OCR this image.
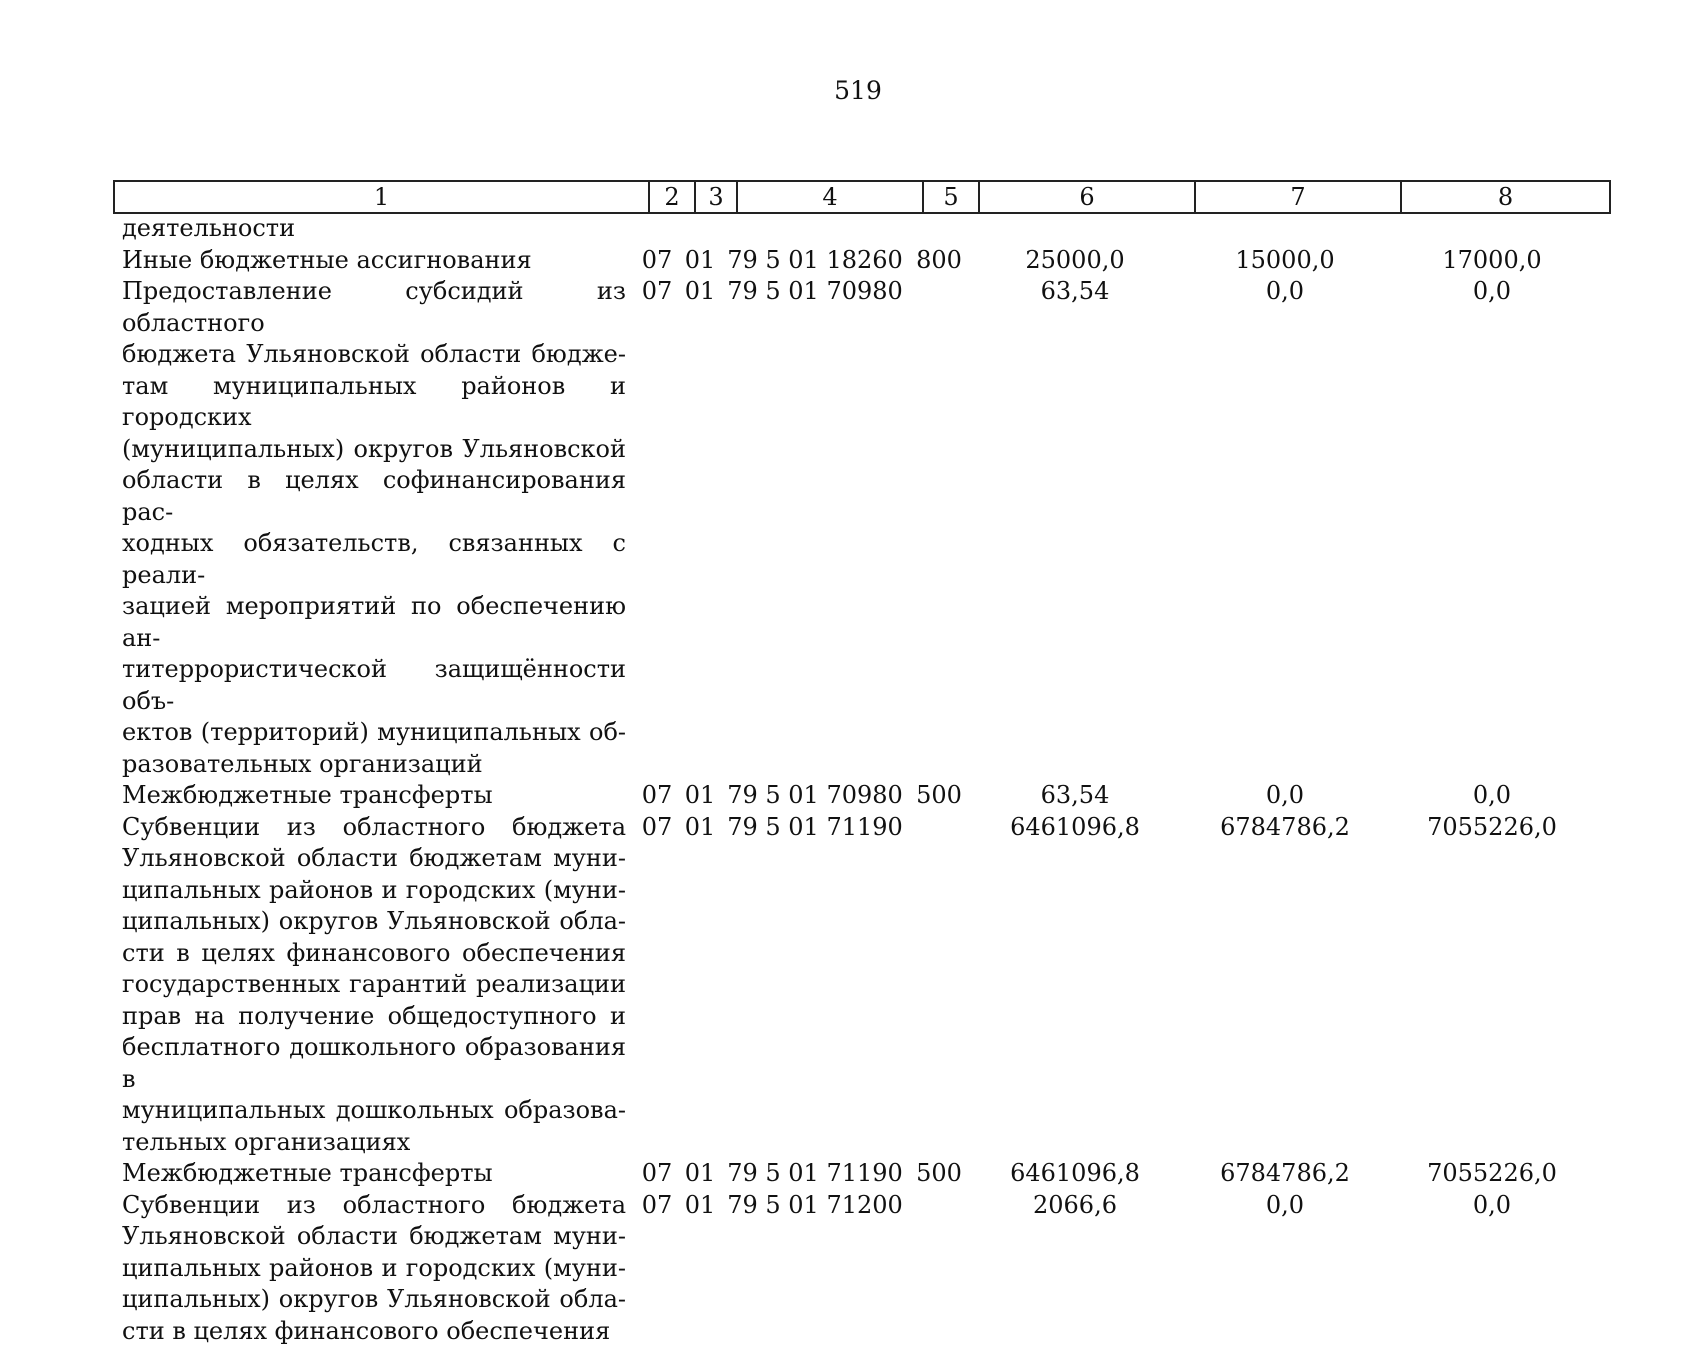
519
1	2	3	4	5	6	7	8
деятельности
Иные бюджетные ассигнования	07 01 79 5 01 18260 800	25000,0	15000,0	17000,0
Предоставление субсидий из областного
бюджета Ульяновской области бюдже-
там муниципальных районов и городских
(муниципальных) округов Ульяновской
области в целях софинансирования рас-
ходных обязательств, связанных с реали-
зацией мероприятий по обеспечению ан-
титеррористической защищённости объ-
ектов (территорий) муниципальных об-
разовательных организаций
07 01 79 5 01 70980	63,54	0,0	0,0
Межбюджетные трансферты	07 01 79 5 01 70980 500	63,54	0,0	0,0
Субвенции из областного бюджета
Ульяновской области бюджетам муни-
ципальных районов и городских (муни-
ципальных) округов Ульяновской обла-
сти в целях финансового обеспечения
государственных гарантий реализации
прав на получение общедоступного и
бесплатного дошкольного образования в
муниципальных дошкольных образова-
тельных организациях
07 01 79 5 01 71190	6461096,8	6784786,2	7055226,0
Межбюджетные трансферты	07 01 79 5 01 71190 500	6461096,8	6784786,2	7055226,0
Субвенции из областного бюджета
Ульяновской области бюджетам муни-
ципальных районов и городских (муни-
ципальных) округов Ульяновской обла-
сти в целях финансового обеспечения
07 01 79 5 01 71200	2066,6	0,0	0,0
